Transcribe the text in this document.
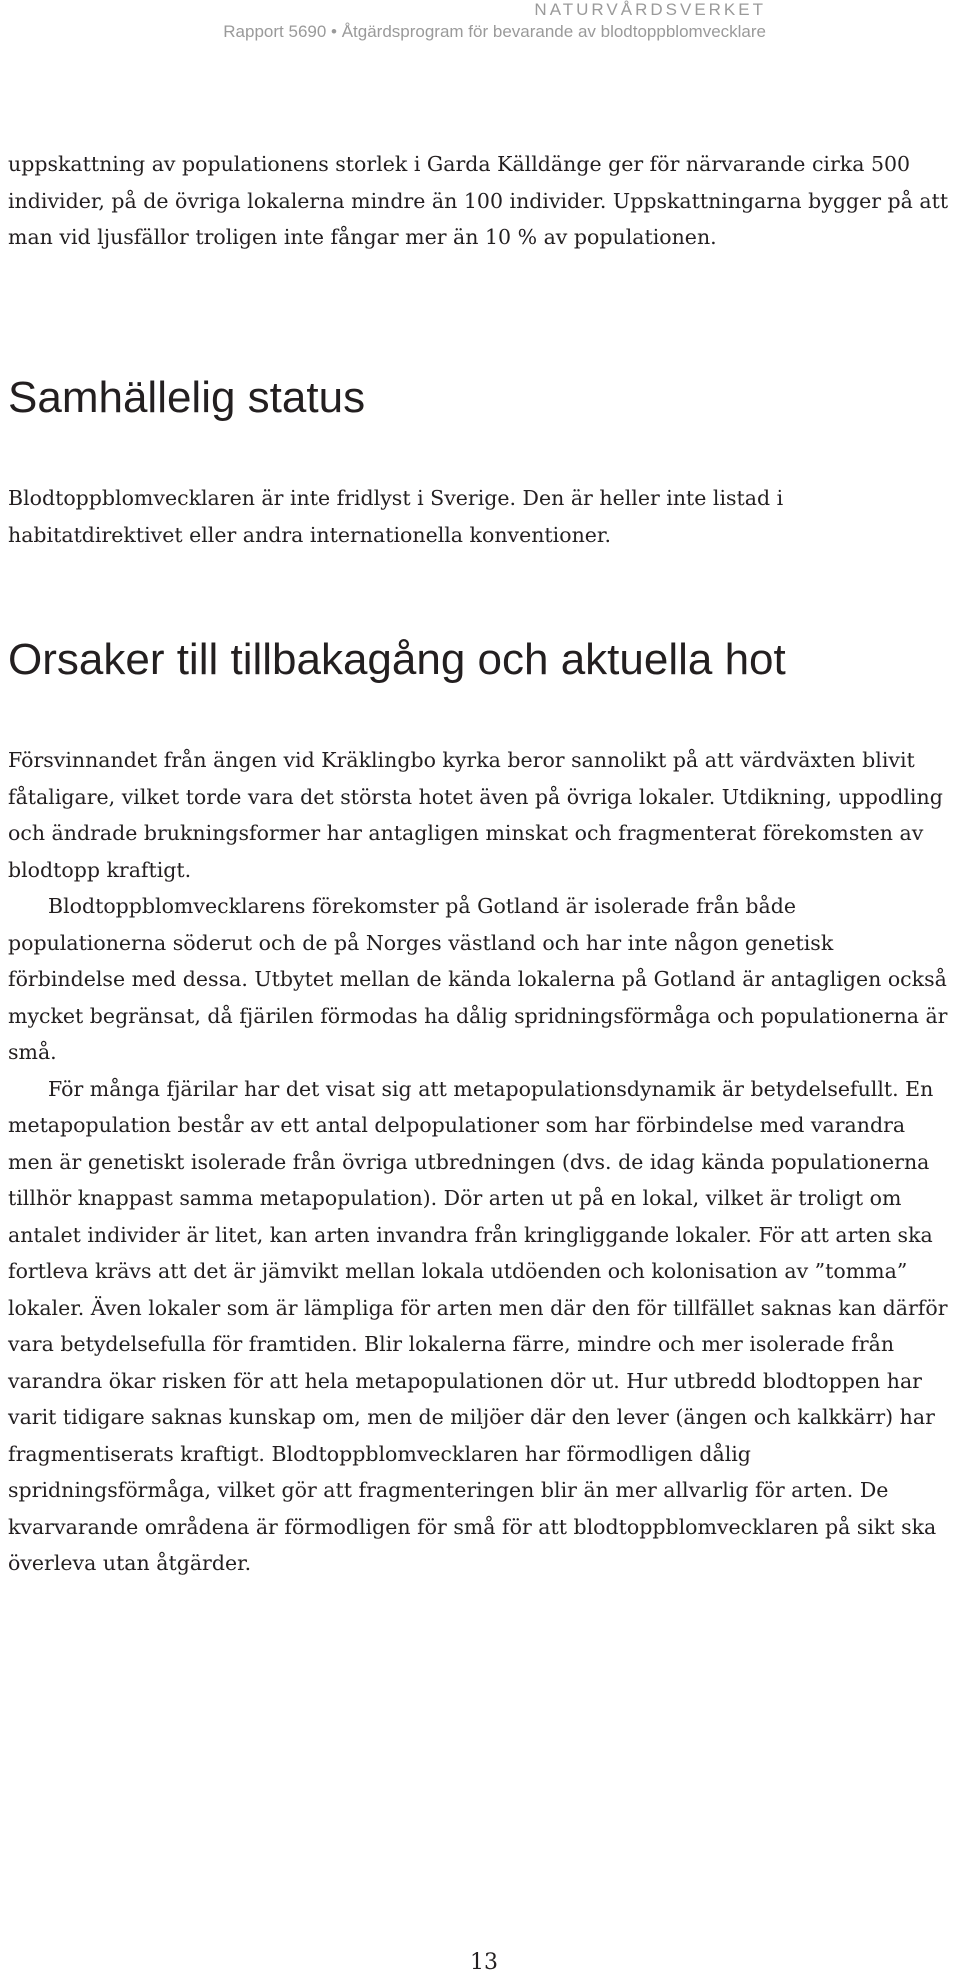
NATURVÅRDSVERKET
Rapport 5690 • Åtgärdsprogram för bevarande av blodtoppblomvecklare

uppskattning av populationens storlek i Garda Källdänge ger för närvarande cirka 500 individer, på de övriga lokalerna mindre än 100 individer. Uppskattningarna bygger på att man vid ljusfällor troligen inte fångar mer än 10 % av populationen.

Samhällelig status

Blodtoppblomvecklaren är inte fridlyst i Sverige. Den är heller inte listad i habitatdirektivet eller andra internationella konventioner.

Orsaker till tillbakagång och aktuella hot

Försvinnandet från ängen vid Kräklingbo kyrka beror sannolikt på att värdväxten blivit fåtaligare, vilket torde vara det största hotet även på övriga lokaler. Utdikning, uppodling och ändrade brukningsformer har antagligen minskat och fragmenterat förekomsten av blodtopp kraftigt.

Blodtoppblomvecklarens förekomster på Gotland är isolerade från både populationerna söderut och de på Norges västland och har inte någon genetisk förbindelse med dessa. Utbytet mellan de kända lokalerna på Gotland är antagligen också mycket begränsat, då fjärilen förmodas ha dålig spridningsförmåga och populationerna är små.

För många fjärilar har det visat sig att metapopulationsdynamik är betydelsefullt. En metapopulation består av ett antal delpopulationer som har förbindelse med varandra men är genetiskt isolerade från övriga utbredningen (dvs. de idag kända populationerna tillhör knappast samma metapopulation). Dör arten ut på en lokal, vilket är troligt om antalet individer är litet, kan arten invandra från kringliggande lokaler. För att arten ska fortleva krävs att det är jämvikt mellan lokala utdöenden och kolonisation av ”tomma” lokaler. Även lokaler som är lämpliga för arten men där den för tillfället saknas kan därför vara betydelsefulla för framtiden. Blir lokalerna färre, mindre och mer isolerade från varandra ökar risken för att hela metapopulationen dör ut. Hur utbredd blodtoppen har varit tidigare saknas kunskap om, men de miljöer där den lever (ängen och kalkkärr) har fragmentiserats kraftigt. Blodtoppblomvecklaren har förmodligen dålig spridningsförmåga, vilket gör att fragmenteringen blir än mer allvarlig för arten. De kvarvarande områdena är förmodligen för små för att blodtoppblomvecklaren på sikt ska överleva utan åtgärder.

13
